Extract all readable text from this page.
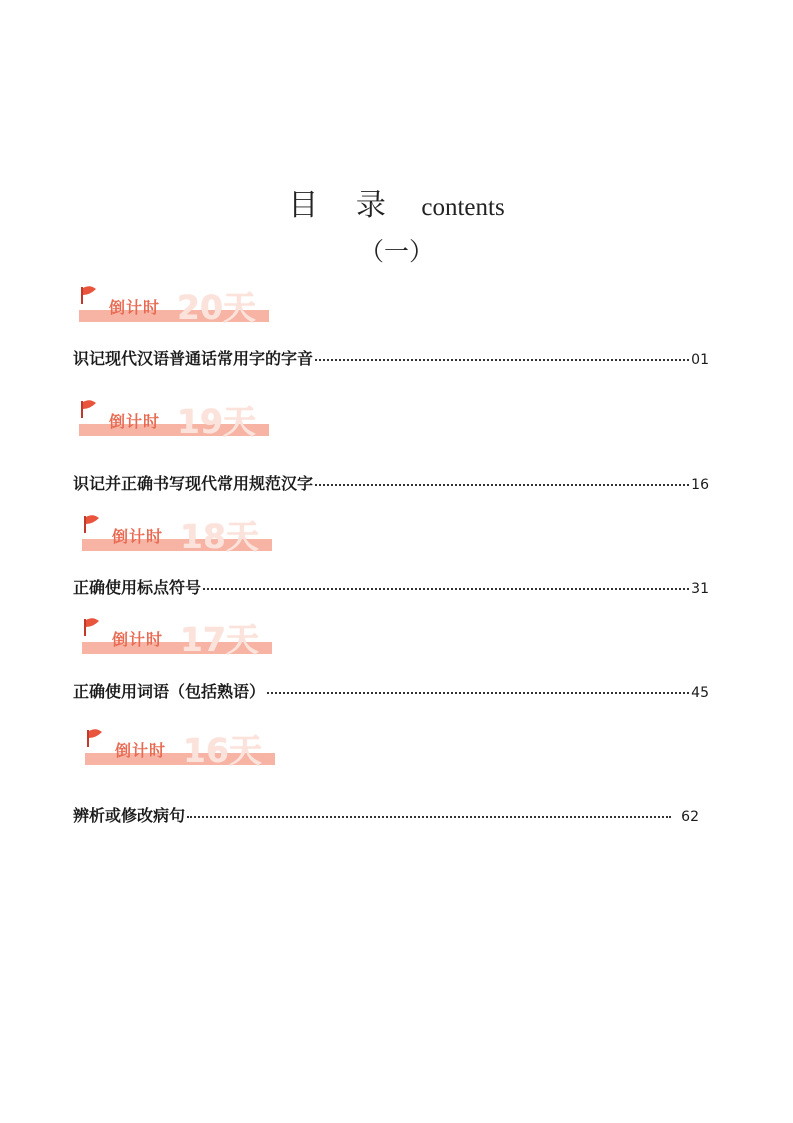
目 录 contents
（一）
倒计时 20天
识记现代汉语普通话常用字的字音	01
倒计时 19天
识记并正确书写现代常用规范汉字	16
倒计时 18天
正确使用标点符号	31
倒计时 17天
正确使用词语（包括熟语）	45
倒计时 16天
辨析或修改病句	62
